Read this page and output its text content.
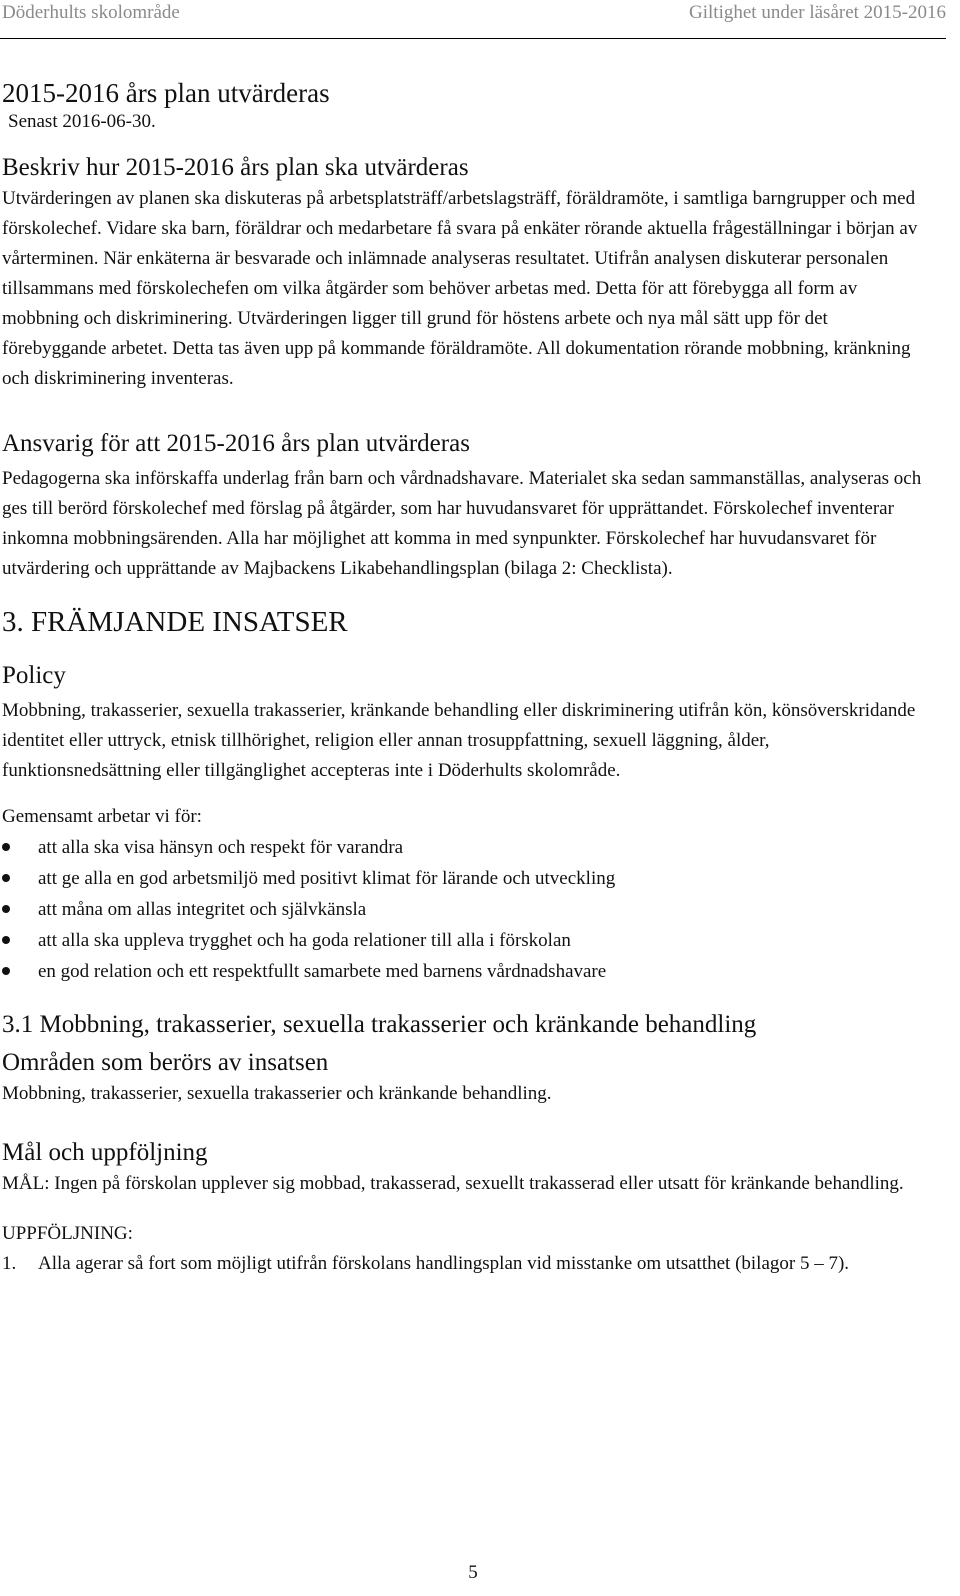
Döderhults skolområde	Giltighet under läsåret 2015-2016
2015-2016 års plan utvärderas
Senast 2016-06-30.
Beskriv hur 2015-2016 års plan ska utvärderas

Utvärderingen av planen ska diskuteras på arbetsplatsträff/arbetslagsträff, föräldramöte, i samtliga barngrupper och med förskolechef. Vidare ska barn, föräldrar och medarbetare få svara på enkäter rörande aktuella frågeställningar i början av vårterminen. När enkäterna är besvarade och inlämnade analyseras resultatet. Utifrån analysen diskuterar personalen tillsammans med förskolechefen om vilka åtgärder som behöver arbetas med. Detta för att förebygga all form av mobbning och diskriminering. Utvärderingen ligger till grund för höstens arbete och nya mål sätt upp för det förebyggande arbetet. Detta tas även upp på kommande föräldramöte. All dokumentation rörande mobbning, kränkning och diskriminering inventeras.

Ansvarig för att 2015-2016 års plan utvärderas

Pedagogerna ska införskaffa underlag från barn och vårdnadshavare. Materialet ska sedan sammanställas, analyseras och ges till berörd förskolechef med förslag på åtgärder, som har huvudansvaret för upprättandet. Förskolechef inventerar inkomna mobbningsärenden. Alla har möjlighet att komma in med synpunkter. Förskolechef har huvudansvaret för utvärdering och upprättande av Majbackens Likabehandlingsplan (bilaga 2: Checklista).

3. FRÄMJANDE INSATSER
Policy

Mobbning, trakasserier, sexuella trakasserier, kränkande behandling eller diskriminering utifrån kön, könsöverskridande identitet eller uttryck, etnisk tillhörighet, religion eller annan trosuppfattning, sexuell läggning, ålder, funktionsnedsättning eller tillgänglighet accepteras inte i Döderhults skolområde.

Gemensamt arbetar vi för:

att alla ska visa hänsyn och respekt för varandra
att ge alla en god arbetsmiljö med positivt klimat för lärande och utveckling
att måna om allas integritet och självkänsla
att alla ska uppleva trygghet och ha goda relationer till alla i förskolan
en god relation och ett respektfullt samarbete med barnens vårdnadshavare
3.1 Mobbning, trakasserier, sexuella trakasserier och kränkande behandling
Områden som berörs av insatsen

Mobbning, trakasserier, sexuella trakasserier och kränkande behandling.

Mål och uppföljning

MÅL: Ingen på förskolan upplever sig mobbad, trakasserad, sexuellt trakasserad eller utsatt för kränkande behandling.

UPPFÖLJNING:

1. Alla agerar så fort som möjligt utifrån förskolans handlingsplan vid misstanke om utsatthet (bilagor 5 – 7).
5
